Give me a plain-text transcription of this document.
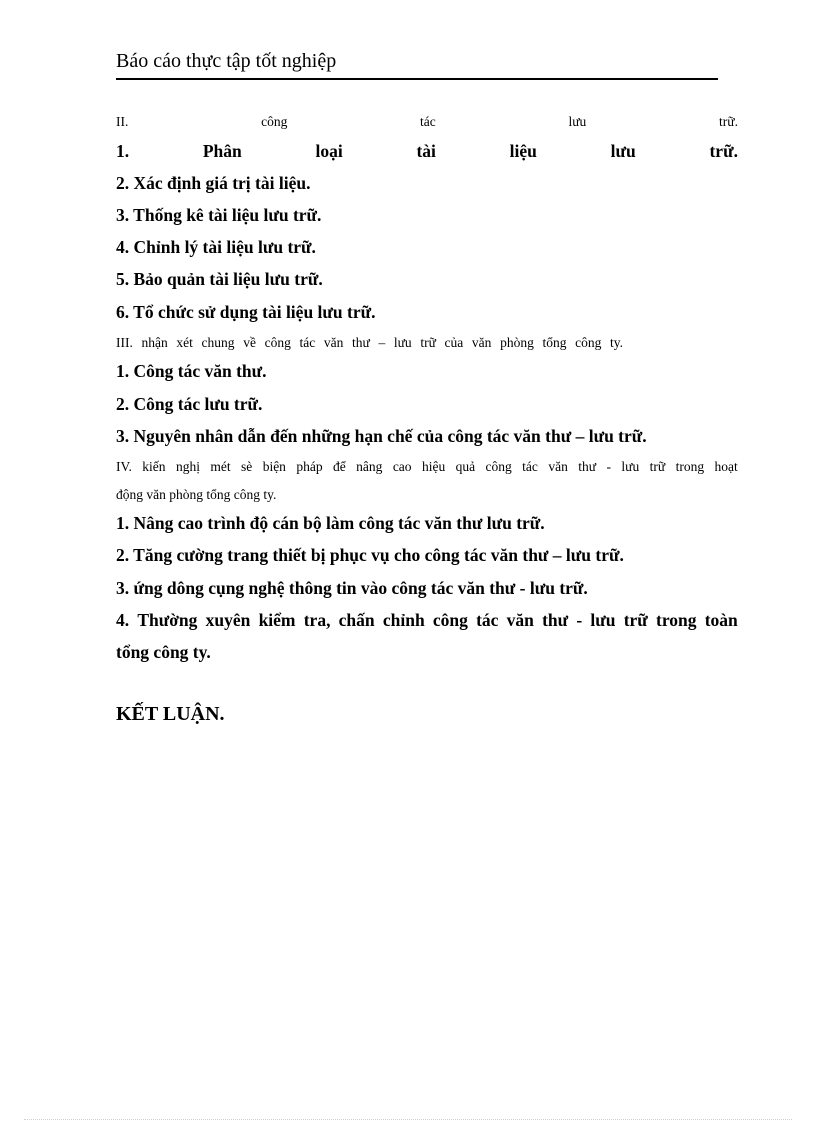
Báo cáo thực tập tốt nghiệp
II.	công	tác	lưu	trữ.
1.	Phân	loại	tài	liệu	lưu	trữ.
2. Xác định giá trị tài liệu.
3. Thống kê tài liệu lưu trữ.
4. Chỉnh lý tài liệu lưu trữ.
5. Bảo quản tài liệu lưu trữ.
6. Tổ chức sử dụng tài liệu lưu trữ.
III. nhận xét chung về công tác văn thư – lưu trữ của văn phòng tổng công ty.
1. Công tác văn thư.
2. Công tác lưu trữ.
3. Nguyên nhân dẫn đến những hạn chế của công tác văn thư – lưu trữ.
IV. kiến nghị mét sè biện pháp để nâng cao hiệu quả công tác văn thư - lưu trữ trong hoạt
động văn phòng tổng công ty.
1. Nâng cao trình độ cán bộ làm công tác văn thư lưu trữ.
2. Tăng cường trang thiết bị phục vụ cho công tác văn thư – lưu trữ.
3. ứng dông cụng nghệ thông tin vào công tác văn thư - lưu trữ.
4. Thường xuyên kiểm tra, chấn chỉnh công tác văn thư - lưu trữ trong toàn
tổng công ty.
KẾT LUẬN.
